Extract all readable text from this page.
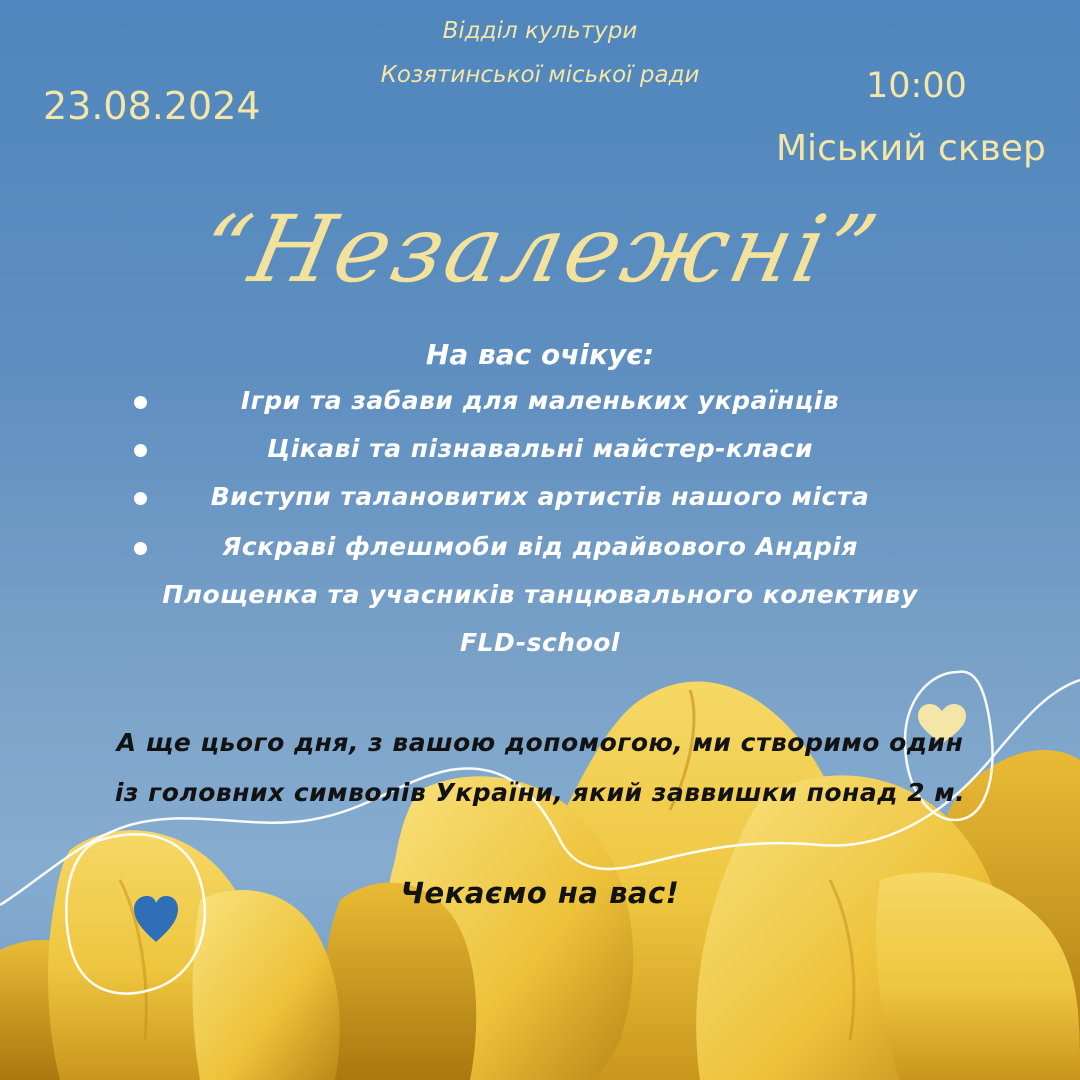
Відділ культури

Козятинської міської ради

23.08.2024	10:00

Міський сквер

“Незалежні”

На вас очікує:

Ігри та забави для маленьких українців
Цікаві та пізнавальні майстер-класи
Виступи талановитих артистів нашого міста
Яскраві флешмоби від драйвового Андрія
Площенка та учасників танцювального колективу
FLD-school

А ще цього дня, з вашою допомогою, ми створимо один

із головних символів України, який заввишки понад 2 м.

Чекаємо на вас!
